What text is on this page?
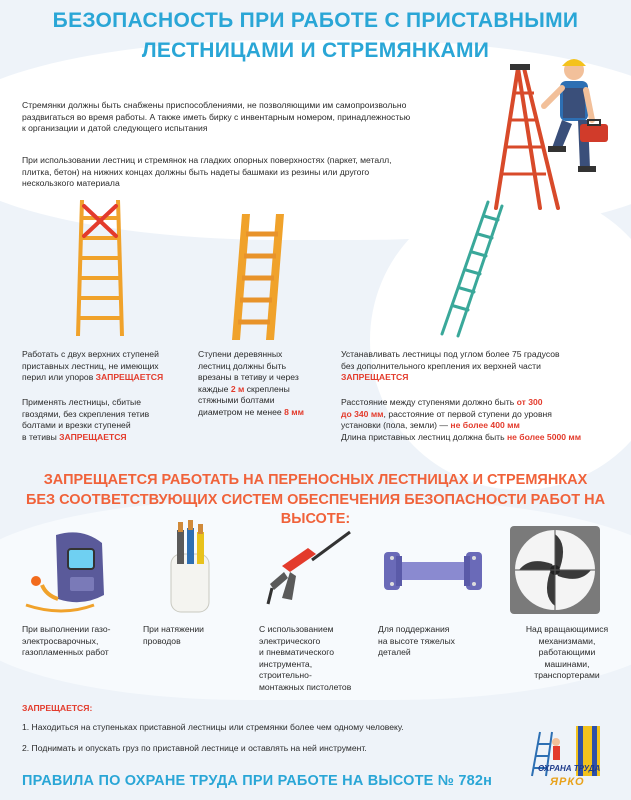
БЕЗОПАСНОСТЬ ПРИ РАБОТЕ С ПРИСТАВНЫМИ
ЛЕСТНИЦАМИ И СТРЕМЯНКАМИ
Стремянки должны быть снабжены приспособлениями, не позволяющими им самопроизвольно
раздвигаться во время работы. А также иметь бирку с инвентарным номером, принадлежностью
к организации и датой следующего испытания
При использовании лестниц и стремянок на гладких опорных поверхностях (паркет, металл,
плитка, бетон) на нижних концах должны быть надеты башмаки из резины или другого
нескользкого материала
Работать с двух верхних ступеней
приставных лестниц, не имеющих
перил или упоров ЗАПРЕЩАЕТСЯ
Применять лестницы, сбитые
гвоздями, без скрепления тетив
болтами и врезки ступеней
в тетивы ЗАПРЕЩАЕТСЯ
Ступени деревянных
лестниц должны быть
врезаны в тетиву и через
каждые 2 м скреплены
стяжными болтами
диаметром не менее 8 мм
Устанавливать лестницы под углом более 75 градусов
без дополнительного крепления их верхней части
ЗАПРЕЩАЕТСЯ
Расстояние между ступенями должно быть от 300
до 340 мм, расстояние от первой ступени до уровня
установки (пола, земли) — не более 400 мм
Длина приставных лестниц должна быть не более 5000 мм
ЗАПРЕЩАЕТСЯ РАБОТАТЬ НА ПЕРЕНОСНЫХ ЛЕСТНИЦАХ И СТРЕМЯНКАХ
БЕЗ СООТВЕТСТВУЮЩИХ СИСТЕМ ОБЕСПЕЧЕНИЯ БЕЗОПАСНОСТИ РАБОТ НА ВЫСОТЕ:
При выполнении газо-
электросварочных,
газопламенных работ
При натяжении
проводов
С использованием
электрического
и пневматического
инструмента,
строительно-
монтажных пистолетов
Для поддержания
на высоте тяжелых
деталей
Над вращающимися
механизмами,
работающими
машинами,
транспортерами
ЗАПРЕЩАЕТСЯ:
1. Находиться на ступеньках приставной лестницы или стремянки более чем одному человеку.
2. Поднимать и опускать груз по приставной лестнице и оставлять на ней инструмент.
ПРАВИЛА ПО ОХРАНЕ ТРУДА ПРИ РАБОТЕ НА ВЫСОТЕ № 782н
ОХРАНА ТРУДА
ЯРКО
